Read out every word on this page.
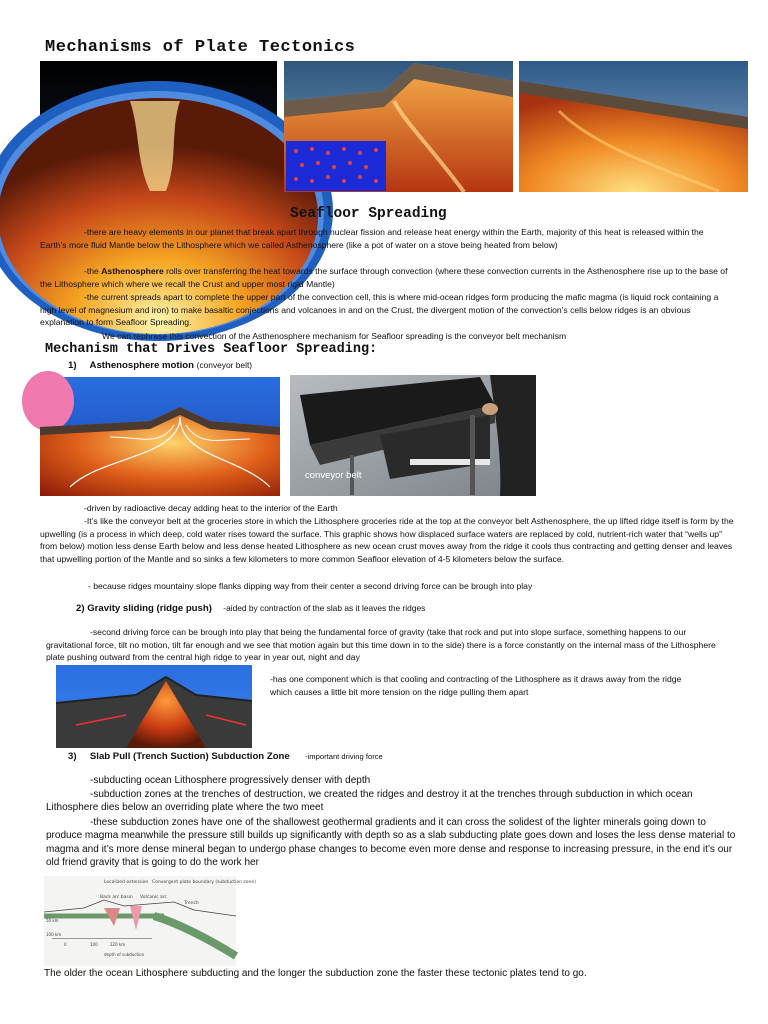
Mechanisms of Plate Tectonics
Seafloor Spreading
-there are heavy elements in our planet that break apart through nuclear fission and release heat energy within the Earth, majority of this heat is released within the Earth’s more fluid Mantle below the Lithosphere which we called Asthenosphere (like a pot of water on a stove being heated from below)
-the Asthenosphere rolls over transferring the heat towards the surface through convection (where these convection currents in the Asthenosphere rise up to the base of the Lithosphere which where we recall the Crust and upper most rigid Mantle)
-the current spreads apart to complete the upper part of the convection cell, this is where mid-ocean ridges form producing the mafic magma (is liquid rock containing a high level of magnesium and iron) to make basaltic conjections and volcanoes in and on the Crust, the divergent motion of the convection’s cells below ridges is an obvious explanation to form Seafloor Spreading.
We can rephrase this convection of the Asthenosphere mechanism for Seafloor spreading is the conveyor belt mechanism
Mechanism that Drives Seafloor Spreading:
1) Asthenosphere motion (conveyor belt)
conveyor belt
-driven by radioactive decay adding heat to the interior of the Earth
-It’s like the conveyor belt at the groceries store in which the Lithosphere groceries ride at the top at the conveyor belt Asthenosphere, the up lifted ridge itself is form by the upwelling (is a process in which deep, cold water rises toward the surface. This graphic shows how displaced surface waters are replaced by cold, nutrient-rich water that “wells up” from below) motion less dense Earth below and less dense heated Lithosphere as new ocean crust moves away from the ridge it cools thus contracting and getting denser and leaves that upwelling portion of the Mantle and so sinks a few kilometers to more common Seafloor elevation of 4-5 kilometers below the surface.
- because ridges mountainy slope flanks dipping way from their center a second driving force can be brough into play
2) Gravity sliding (ridge push) -aided by contraction of the slab as it leaves the ridges
-second driving force can be brough into play that being the fundamental force of gravity (take that rock and put into slope surface, something happens to our gravitational force, tilt no motion, tilt far enough and we see that motion again but this time down in to the side) there is a force constantly on the internal mass of the Lithosphere plate pushing outward from the central high ridge to year in year out, night and day
-has one component which is that cooling and contracting of the Lithosphere as it draws away from the ridge which causes a little bit more tension on the ridge pulling them apart
3) Slab Pull (Trench Suction) Subduction Zone -important driving force
-subducting ocean Lithosphere progressively denser with depth
-subduction zones at the trenches of destruction, we created the ridges and destroy it at the trenches through subduction in which ocean Lithosphere dies below an overriding plate where the two meet
-these subduction zones have one of the shallowest geothermal gradients and it can cross the solidest of the lighter minerals going down to produce magma meanwhile the pressure still builds up significantly with depth so as a slab subducting plate goes down and loses the less dense material to magma and it’s more dense mineral began to undergo phase changes to become even more dense and response to increasing pressure, in the end it’s our old friend gravity that is going to do the work her
Localized extension Convergent plate boundary (subduction zone)
Back arc basin Volcanic arc
Trench
50 km
100 km
0	100	220 km
depth of subduction
The older the ocean Lithosphere subducting and the longer the subduction zone the faster these tectonic plates tend to go.
